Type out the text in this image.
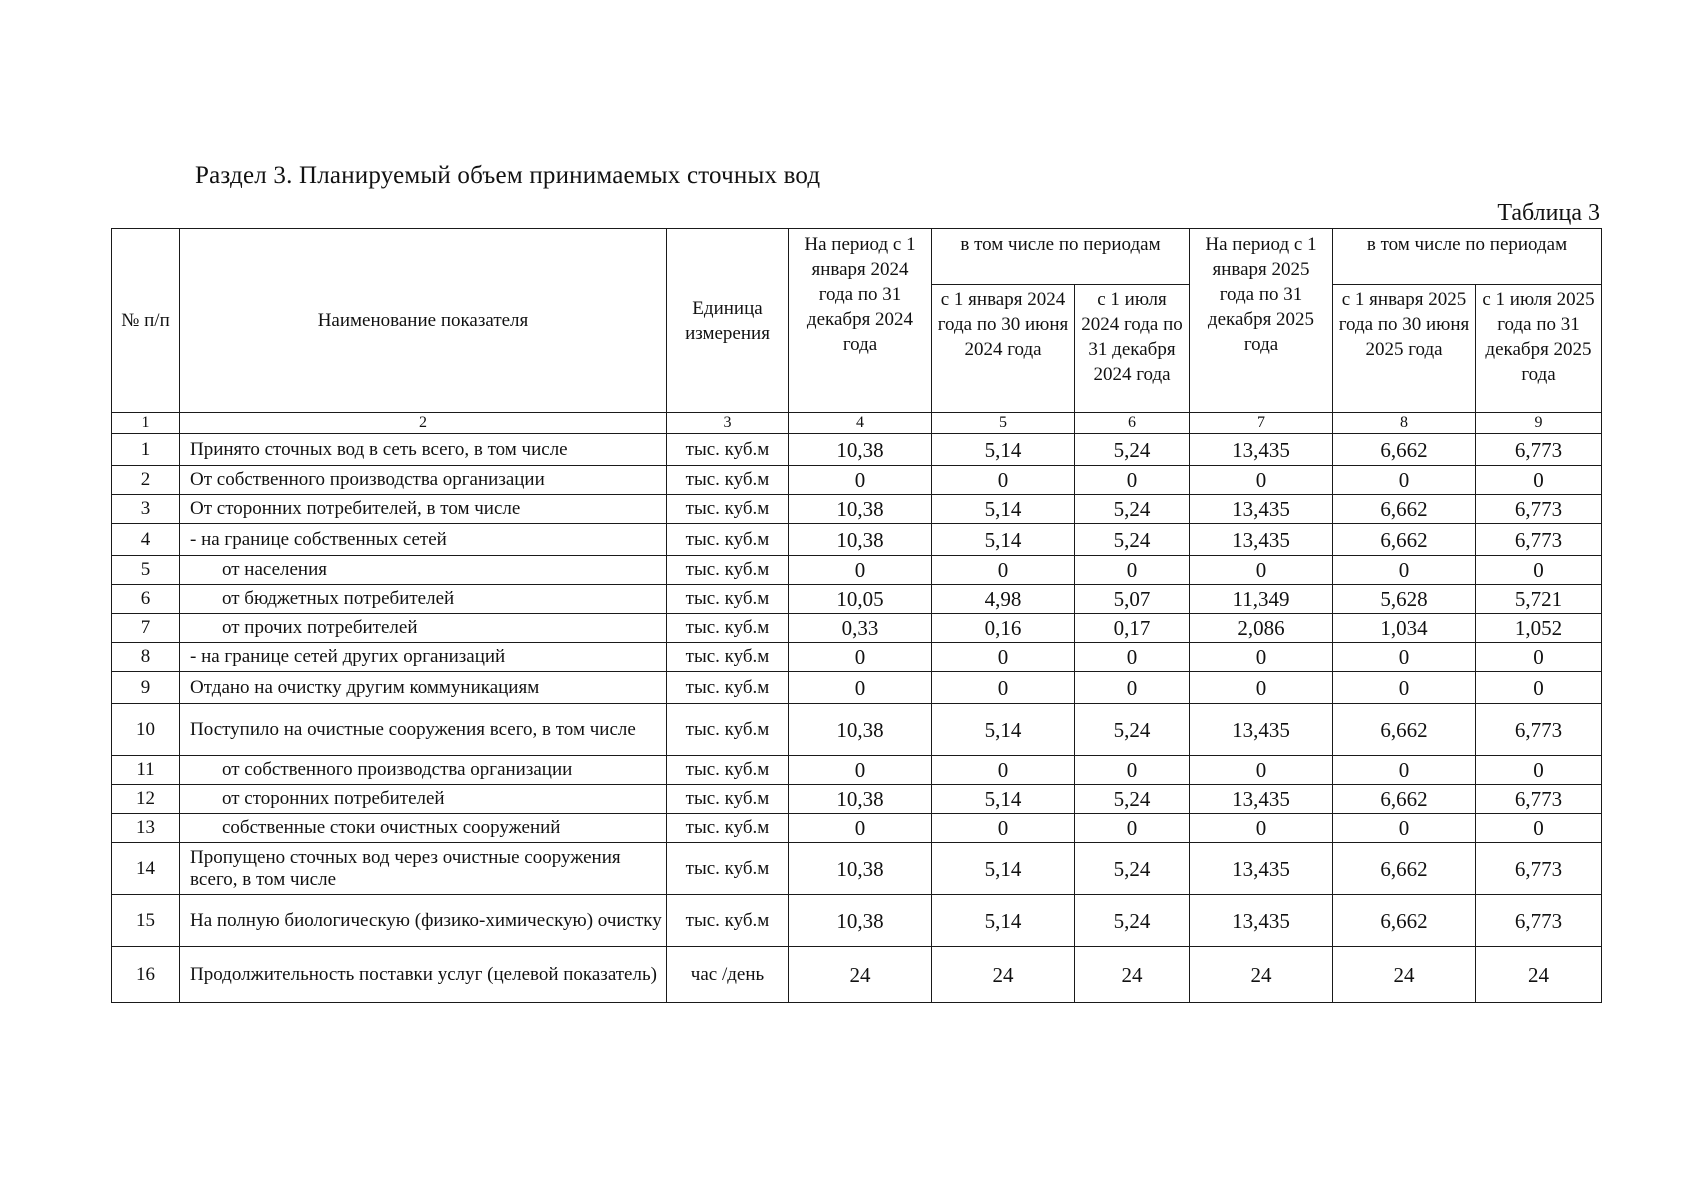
Раздел 3. Планируемый объем принимаемых сточных вод
Таблица 3
№ п/п	Наименование показателя	Единица измерения	На период с 1 января 2024 года по 31 декабря 2024 года	в том числе по периодам		На период с 1 января 2025 года по 31 декабря 2025 года	в том числе по периодам	
				с 1 января 2024 года по 30 июня 2024 года	с 1 июля 2024 года по 31 декабря 2024 года		с 1 января 2025 года по 30 июня 2025 года	с 1 июля 2025 года по 31 декабря 2025 года
1	2	3	4	5	6	7	8	9
1	Принято сточных вод в сеть всего, в том числе	тыс. куб.м	10,38	5,14	5,24	13,435	6,662	6,773
2	От собственного производства организации	тыс. куб.м	0	0	0	0	0	0
3	От сторонних потребителей, в том числе	тыс. куб.м	10,38	5,14	5,24	13,435	6,662	6,773
4	- на границе собственных сетей	тыс. куб.м	10,38	5,14	5,24	13,435	6,662	6,773
5	от населения	тыс. куб.м	0	0	0	0	0	0
6	от бюджетных потребителей	тыс. куб.м	10,05	4,98	5,07	11,349	5,628	5,721
7	от прочих потребителей	тыс. куб.м	0,33	0,16	0,17	2,086	1,034	1,052
8	- на границе сетей других организаций	тыс. куб.м	0	0	0	0	0	0
9	Отдано на очистку другим коммуникациям	тыс. куб.м	0	0	0	0	0	0
10	Поступило на очистные сооружения всего, в том числе	тыс. куб.м	10,38	5,14	5,24	13,435	6,662	6,773
11	от собственного производства организации	тыс. куб.м	0	0	0	0	0	0
12	от сторонних потребителей	тыс. куб.м	10,38	5,14	5,24	13,435	6,662	6,773
13	собственные стоки очистных сооружений	тыс. куб.м	0	0	0	0	0	0
14	Пропущено сточных вод через очистные сооружения всего, в том числе	тыс. куб.м	10,38	5,14	5,24	13,435	6,662	6,773
15	На полную биологическую (физико-химическую) очистку	тыс. куб.м	10,38	5,14	5,24	13,435	6,662	6,773
16	Продолжительность поставки услуг (целевой показатель)	час /день	24	24	24	24	24	24
